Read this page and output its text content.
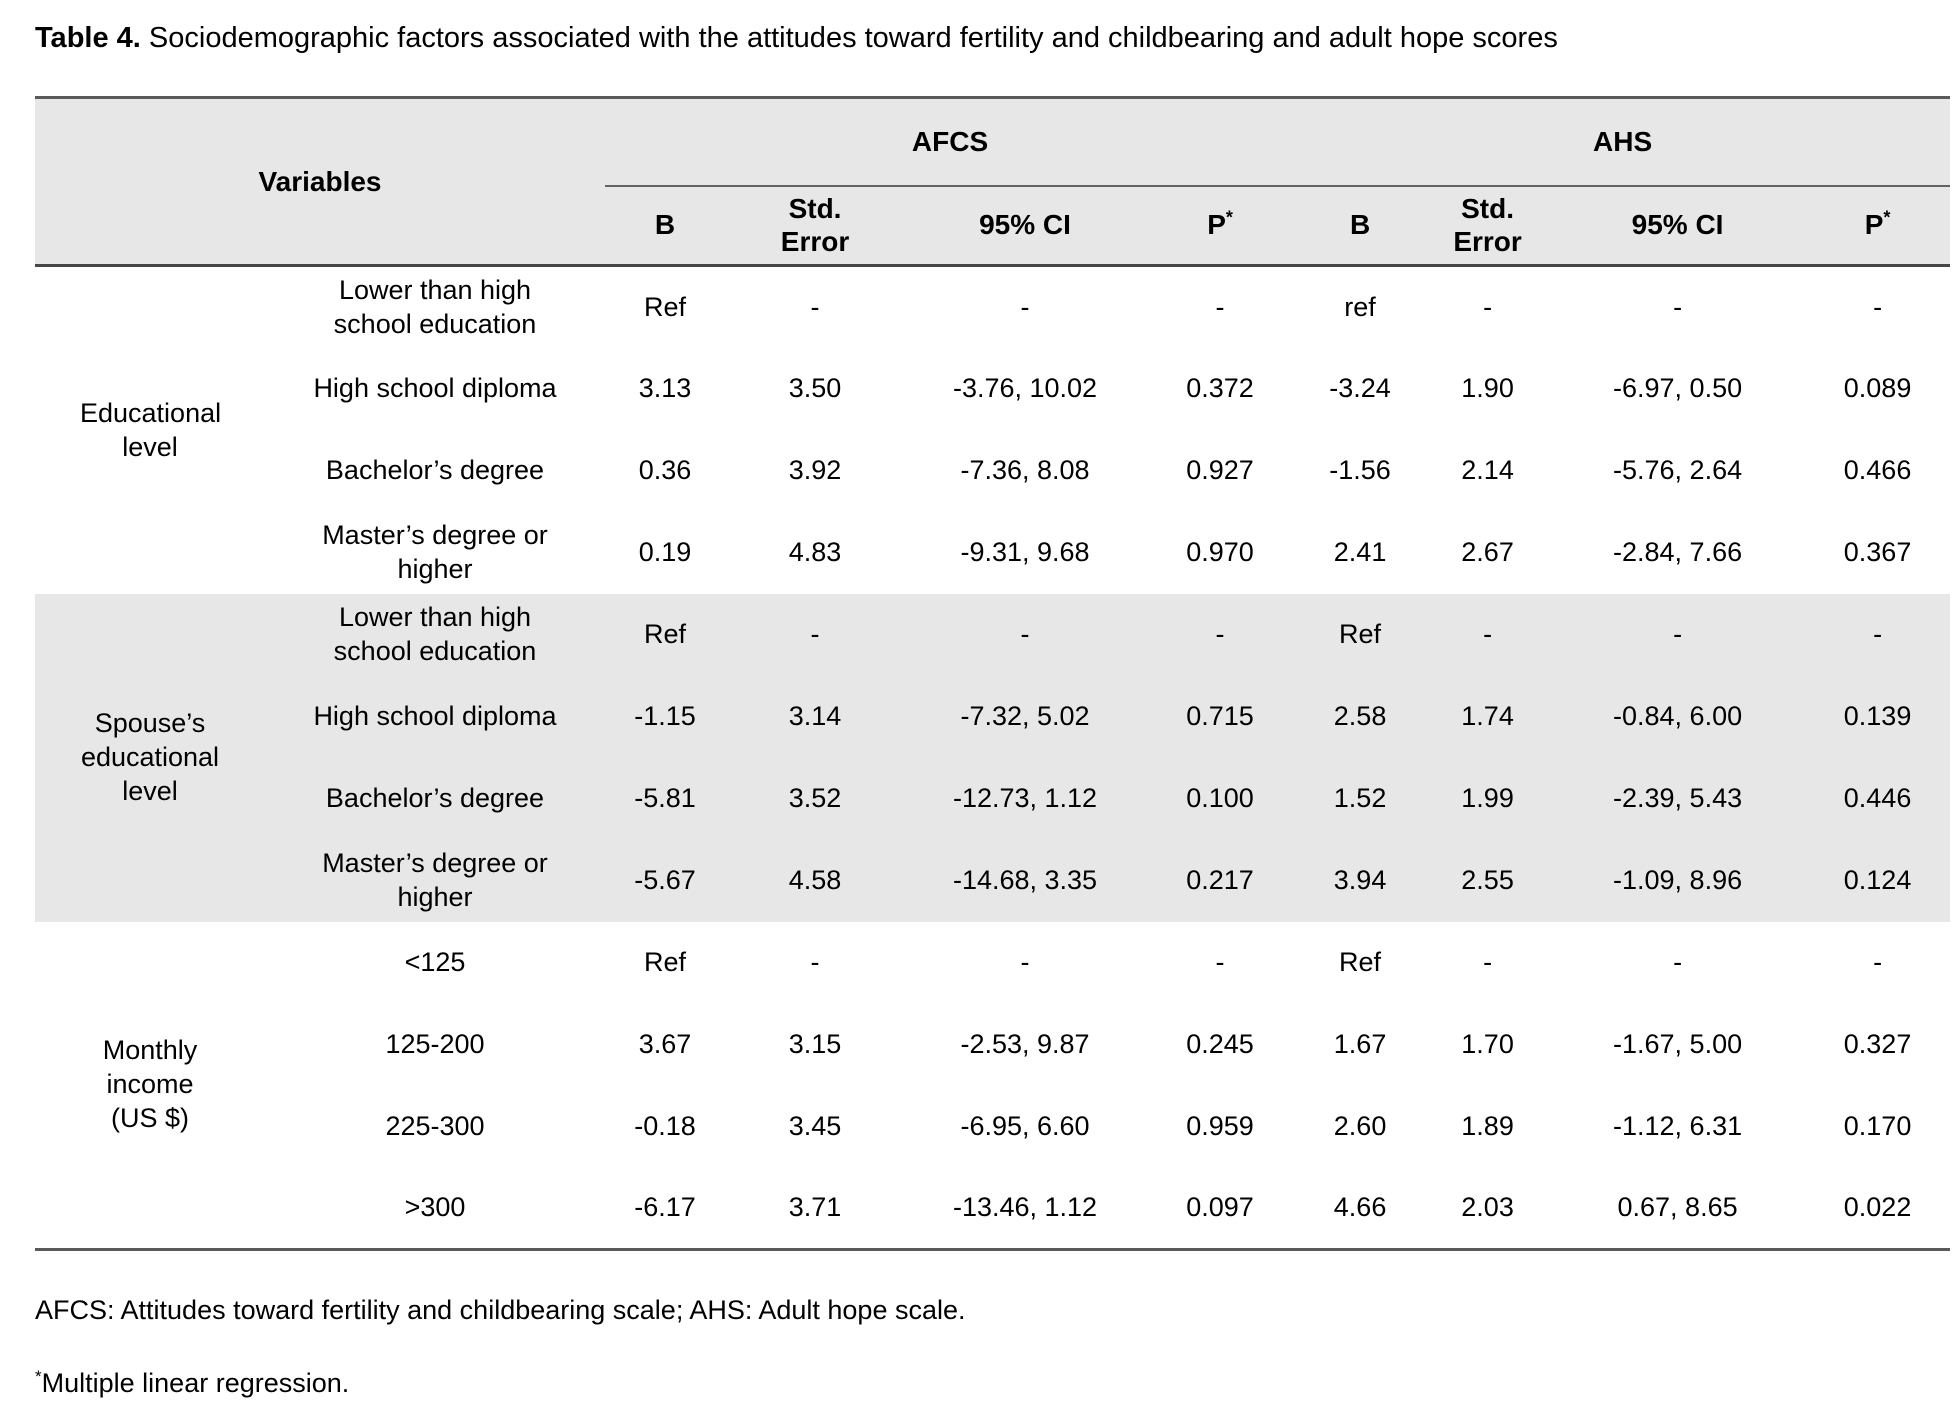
Table 4. Sociodemographic factors associated with the attitudes toward fertility and childbearing and adult hope scores

Variables		AFCS				AHS			
		B	Std. Error	95% CI	P*	B	Std. Error	95% CI	P*
Educational level	Lower than high school education	Ref	-	-	-	ref	-	-	-
	High school diploma	3.13	3.50	-3.76, 10.02	0.372	-3.24	1.90	-6.97, 0.50	0.089
	Bachelor’s degree	0.36	3.92	-7.36, 8.08	0.927	-1.56	2.14	-5.76, 2.64	0.466
	Master’s degree or higher	0.19	4.83	-9.31, 9.68	0.970	2.41	2.67	-2.84, 7.66	0.367
Spouse’s educational level	Lower than high school education	Ref	-	-	-	Ref	-	-	-
	High school diploma	-1.15	3.14	-7.32, 5.02	0.715	2.58	1.74	-0.84, 6.00	0.139
	Bachelor’s degree	-5.81	3.52	-12.73, 1.12	0.100	1.52	1.99	-2.39, 5.43	0.446
	Master’s degree or higher	-5.67	4.58	-14.68, 3.35	0.217	3.94	2.55	-1.09, 8.96	0.124
Monthly income (US $)	<125	Ref	-	-	-	Ref	-	-	-
	125-200	3.67	3.15	-2.53, 9.87	0.245	1.67	1.70	-1.67, 5.00	0.327
	225-300	-0.18	3.45	-6.95, 6.60	0.959	2.60	1.89	-1.12, 6.31	0.170
	>300	-6.17	3.71	-13.46, 1.12	0.097	4.66	2.03	0.67, 8.65	0.022

AFCS: Attitudes toward fertility and childbearing scale; AHS: Adult hope scale.

*Multiple linear regression.
